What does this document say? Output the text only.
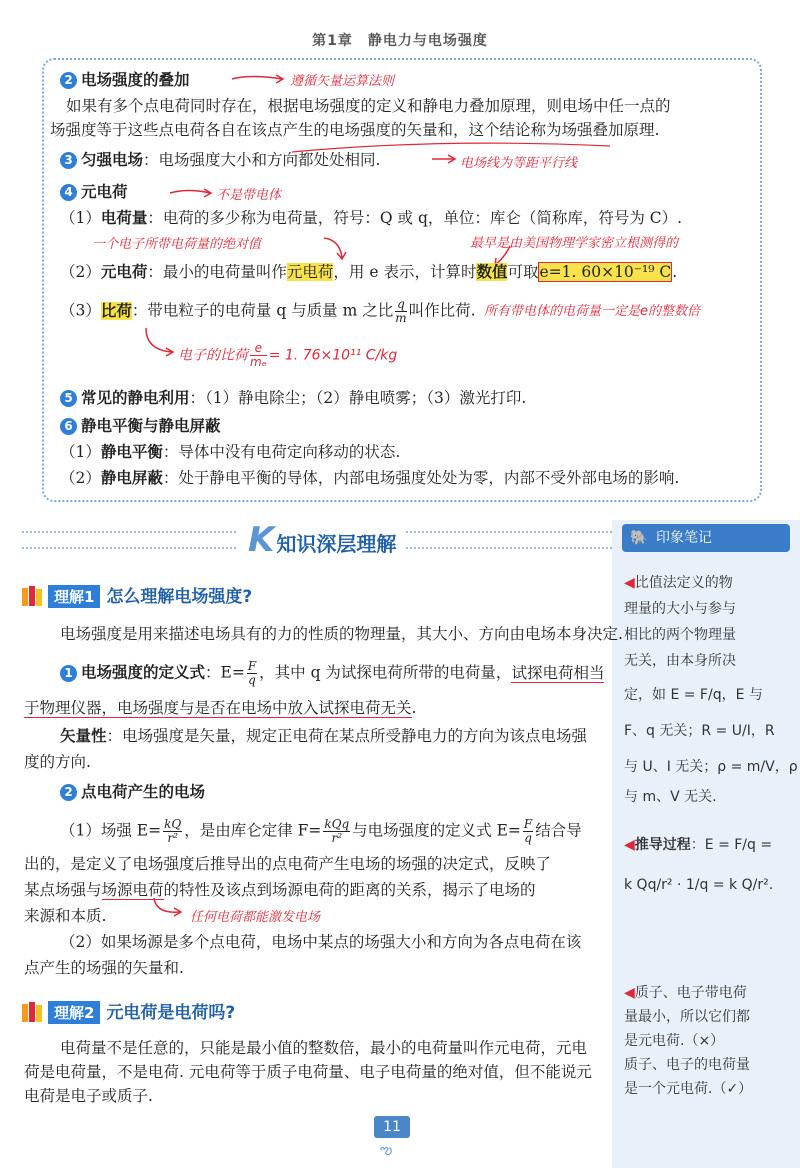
第1章　静电力与电场强度
2 电场强度的叠加	遵循矢量运算法则
如果有多个点电荷同时存在，根据电场强度的定义和静电力叠加原理，则电场中任一点的
场强度等于这些点电荷各自在该点产生的电场强度的矢量和，这个结论称为场强叠加原理.
3 匀强电场：电场强度大小和方向都处处相同.	电场线为等距平行线
4 元电荷	不是带电体
（1）电荷量：电荷的多少称为电荷量，符号：Q 或 q，单位：库仑（简称库，符号为 C）.
一个电子所带电荷量的绝对值	最早是由美国物理学家密立根测得的
（2）元电荷：最小的电荷量叫作元电荷，用 e 表示，计算时数值可取e=1. 60×10⁻¹⁹ C.
（3）比荷：带电粒子的电荷量 q 与质量 m 之比 $\frac{q}{m}$ 叫作比荷. 所有带电体的电荷量一定是e的整数倍
电子的比荷 $\frac{e}{\text{mₑ}} = 1$. 76×10¹¹ C/kg
5 常见的静电利用：（1）静电除尘；（2）静电喷雾；（3）激光打印.
6 静电平衡与静电屏蔽
（1）静电平衡：导体中没有电荷定向移动的状态.
（2）静电屏蔽：处于静电平衡的导体，内部电场强度处处为零，内部不受外部电场的影响.
K知识深层理解	🐘 印象笔记
◀比值法定义的物
理量的大小与参与
相比的两个物理量
无关，由本身所决
定，如 E = F/q，E 与
F、q 无关；R = U/I，R
与 U、I 无关；ρ = m/V，ρ
与 m、V 无关.
◀推导过程：E = F/q =
k Qq/r² · 1/q = k Q/r².
◀质子、电子带电荷
量最小，所以它们都
是元电荷.（×）
质子、电子的电荷量
是一个元电荷.（✓）
理解1 怎么理解电场强度?
电场强度是用来描述电场具有的力的性质的物理量，其大小、方向由电场本身决定.
1 电场强度的定义式：$E= \frac{F}{q}$ ，其中 q 为试探电荷所带的电荷量，试探电荷相当
于物理仪器，电场强度与是否在电场中放入试探电荷无关.
矢量性：电场强度是矢量，规定正电荷在某点所受静电力的方向为该点电场强
度的方向.
2 点电荷产生的电场
（1）场强 $E= \frac{kQ}{\text{r²}}$ ，是由库仑定律 $F= \frac{\text{kQq}}{\text{r²}}$ 与电场强度的定义式 $E= \frac{F}{q}$ 结合导
出的，是定义了电场强度后推导出的点电荷产生电场的场强的决定式，反映了
某点场强与场源电荷的特性及该点到场源电荷的距离的关系，揭示了电场的
来源和本质.	任何电荷都能激发电场
（2）如果场源是多个点电荷，电场中某点的场强大小和方向为各点电荷在该
点产生的场强的矢量和.
理解2 元电荷是电荷吗?
电荷量不是任意的，只能是最小值的整数倍，最小的电荷量叫作元电荷，元电
荷是电荷量，不是电荷. 元电荷等于质子电荷量、电子电荷量的绝对值，但不能说元
电荷是电子或质子.
11
ఌ
